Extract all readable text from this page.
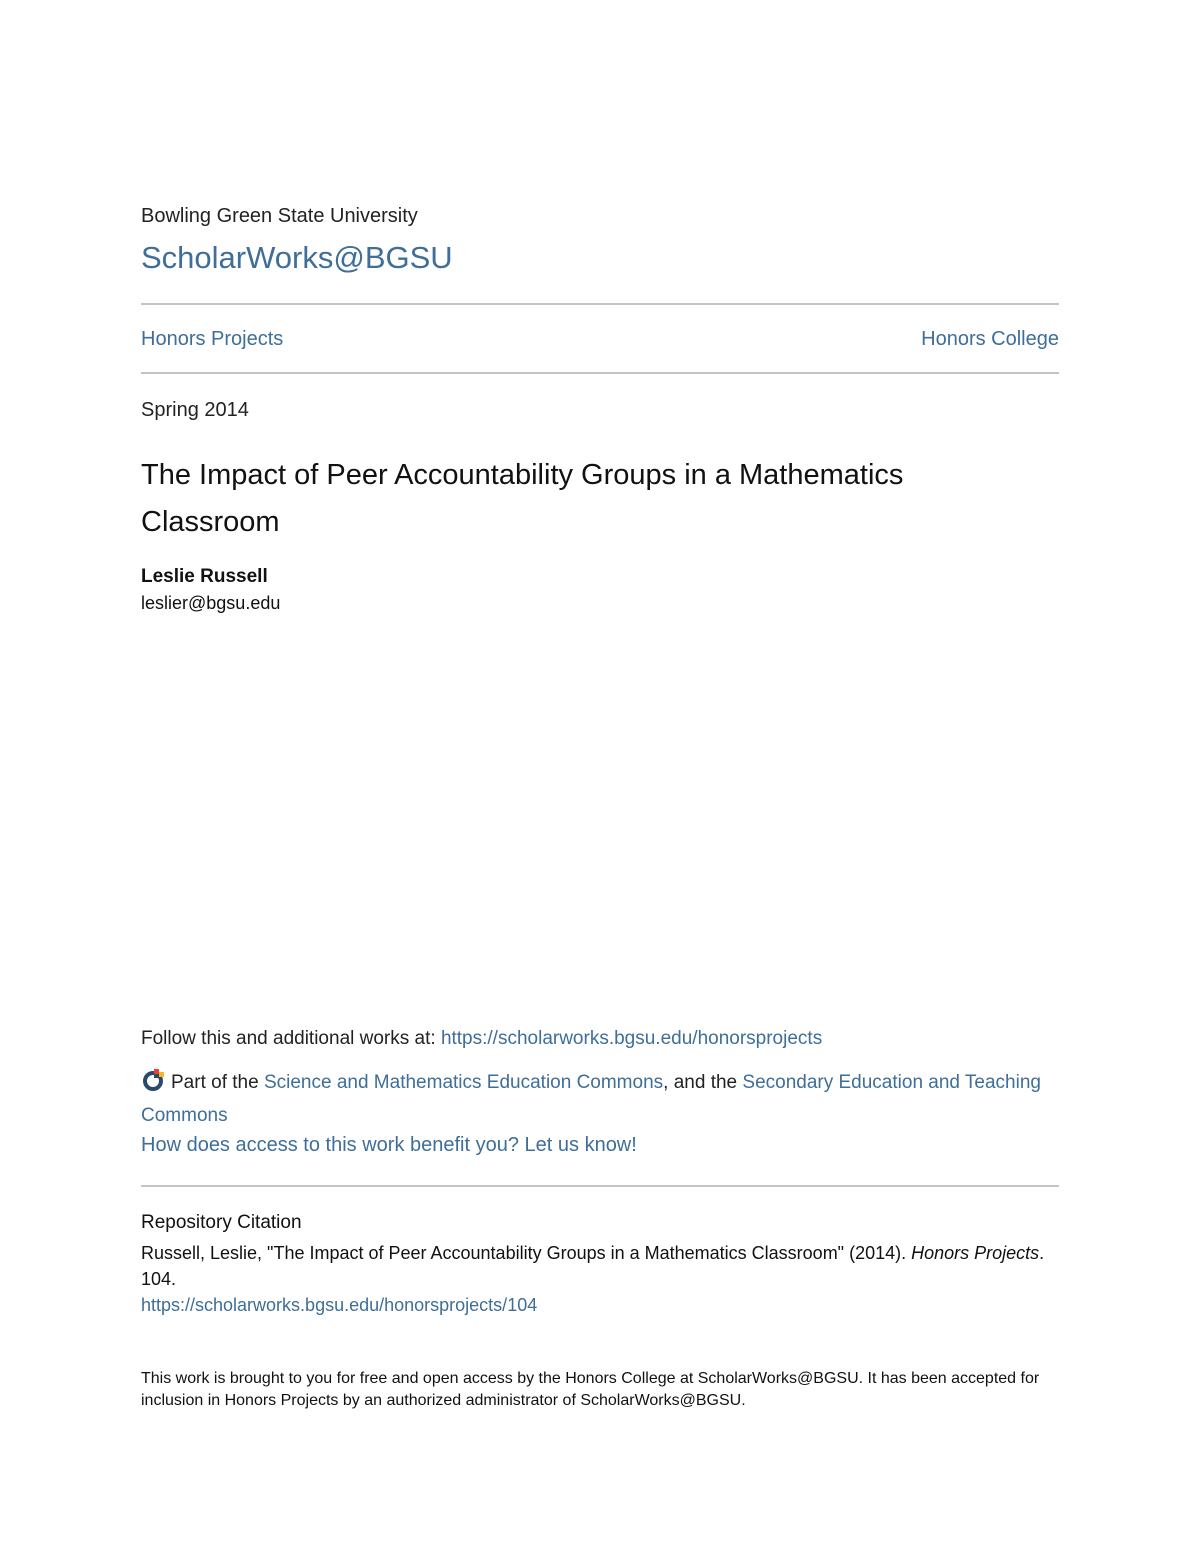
Bowling Green State University
ScholarWorks@BGSU
Honors Projects	Honors College
Spring 2014
The Impact of Peer Accountability Groups in a Mathematics Classroom
Leslie Russell
leslier@bgsu.edu
Follow this and additional works at: https://scholarworks.bgsu.edu/honorsprojects
Part of the Science and Mathematics Education Commons, and the Secondary Education and Teaching Commons
How does access to this work benefit you? Let us know!
Repository Citation
Russell, Leslie, "The Impact of Peer Accountability Groups in a Mathematics Classroom" (2014). Honors Projects. 104.
https://scholarworks.bgsu.edu/honorsprojects/104
This work is brought to you for free and open access by the Honors College at ScholarWorks@BGSU. It has been accepted for inclusion in Honors Projects by an authorized administrator of ScholarWorks@BGSU.
